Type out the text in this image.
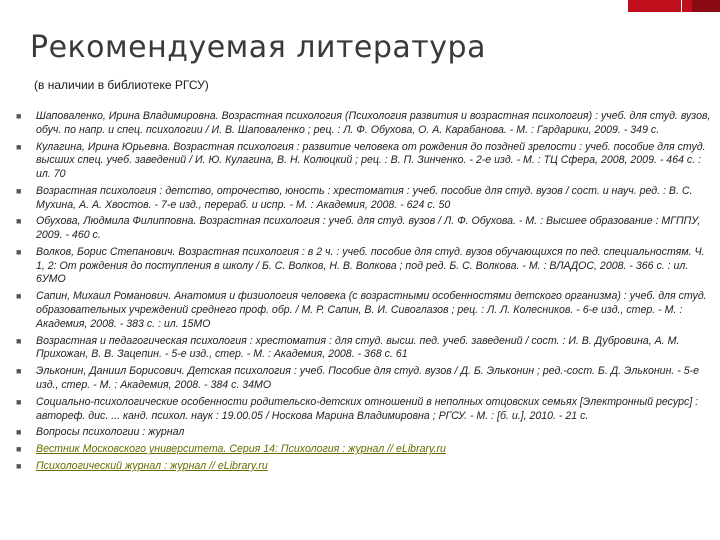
Рекомендуемая литература
(в наличии в библиотеке РГСУ)
■ Шаповаленко, Ирина Владимировна. Возрастная психология (Психология развития и возрастная психология) : учеб. для студ. вузов, обуч. по напр. и спец. психологии / И. В. Шаповаленко ; рец. : Л. Ф. Обухова, О. А. Карабанова. - М. : Гардарики, 2009. - 349 с.
■ Кулагина, Ирина Юрьевна. Возрастная психология : развитие человека от рождения до поздней зрелости : учеб. пособие для студ. высших спец. учеб. заведений / И. Ю. Кулагина, В. Н. Колюцкий ; рец. : В. П. Зинченко. - 2-е изд. - М. : ТЦ Сфера, 2008, 2009. - 464 с. : ил. 70
■ Возрастная психология : детство, отрочество, юность : хрестоматия : учеб. пособие для студ. вузов / сост. и науч. ред. : В. С. Мухина, А. А. Хвостов. - 7-е изд., перераб. и испр. - М. : Академия, 2008. - 624 с. 50
■ Обухова, Людмила Филипповна. Возрастная психология : учеб. для студ. вузов / Л. Ф. Обухова. - М. : Высшее образование : МГППУ, 2009. - 460 с.
■ Волков, Борис Степанович. Возрастная психология : в 2 ч. : учеб. пособие для студ. вузов обучающихся по пед. специальностям. Ч. 1, 2: От рождения до поступления в школу / Б. С. Волков, Н. В. Волкова ; под ред. Б. С. Волкова. - М. : ВЛАДОС, 2008. - 366 с. : ил. 6УМО
■ Сапин, Михаил Романович. Анатомия и физиология человека (с возрастными особенностями детского организма) : учеб. для студ. образовательных учреждений среднего проф. обр. / М. Р. Сапин, В. И. Сивоглазов ; рец. : Л. Л. Колесников. - 6-е изд., стер. - М. : Академия, 2008. - 383 с. : ил. 15МО
■ Возрастная и педагогическая психология : хрестоматия : для студ. высш. пед. учеб. заведений / сост. : И. В. Дубровина, А. М. Прихожан, В. В. Зацепин. - 5-е изд., стер. - М. : Академия, 2008. - 368 с. 61
■ Эльконин, Даниил Борисович. Детская психология : учеб. Пособие для студ. вузов / Д. Б. Эльконин ; ред.-сост. Б. Д. Эльконин. - 5-е изд., стер. - М. : Академия, 2008. - 384 с. 34МО
■ Социально-психологические особенности родительско-детских отношений в неполных отцовских семьях [Электронный ресурс] : автореф. дис. ... канд. психол. наук : 19.00.05 / Носкова Марина Владимировна ; РГСУ. - М. : [б. и.], 2010. - 21 с.
■ Вопросы психологии : журнал
■ Вестник Московского университета. Серия 14: Психология : журнал // eLibrary.ru
■ Психологический журнал : журнал // eLibrary.ru
